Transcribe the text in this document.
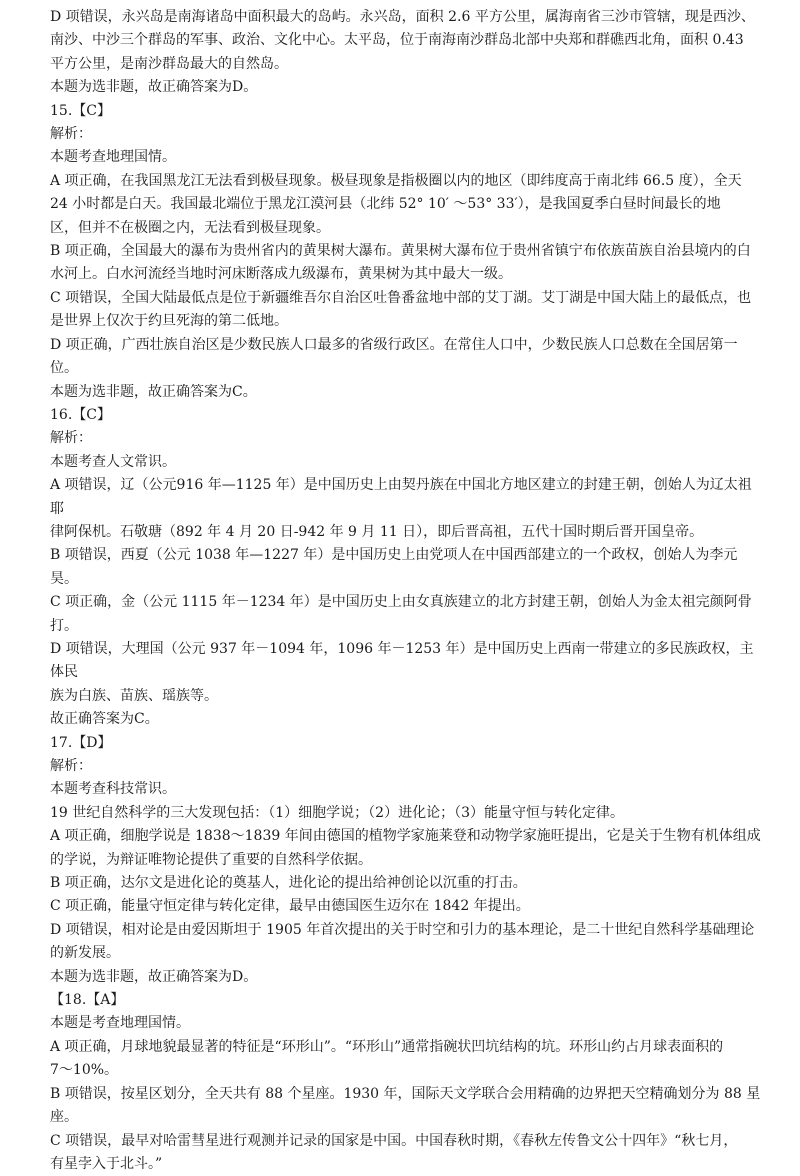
D 项错误，永兴岛是南海诸岛中面积最大的岛屿。永兴岛，面积 2.6 平方公里，属海南省三沙市管辖，现是西沙、

南沙、中沙三个群岛的军事、政治、文化中心。太平岛，位于南海南沙群岛北部中央郑和群礁西北角，面积 0.43

平方公里，是南沙群岛最大的自然岛。

本题为选非题，故正确答案为D。

15.【C】

解析：

本题考查地理国情。

A 项正确，在我国黑龙江无法看到极昼现象。极昼现象是指极圈以内的地区（即纬度高于南北纬 66.5 度），全天

24 小时都是白天。我国最北端位于黑龙江漠河县（北纬 52° 10′ ～53° 33′），是我国夏季白昼时间最长的地

区，但并不在极圈之内，无法看到极昼现象。

B 项正确，全国最大的瀑布为贵州省内的黄果树大瀑布。黄果树大瀑布位于贵州省镇宁布依族苗族自治县境内的白

水河上。白水河流经当地时河床断落成九级瀑布，黄果树为其中最大一级。

C 项错误，全国大陆最低点是位于新疆维吾尔自治区吐鲁番盆地中部的艾丁湖。艾丁湖是中国大陆上的最低点，也

是世界上仅次于约旦死海的第二低地。

D 项正确，广西壮族自治区是少数民族人口最多的省级行政区。在常住人口中，少数民族人口总数在全国居第一

位。

本题为选非题，故正确答案为C。

16.【C】

解析：

本题考查人文常识。

A 项错误，辽（公元916 年—1125 年）是中国历史上由契丹族在中国北方地区建立的封建王朝，创始人为辽太祖耶

律阿保机。石敬瑭（892 年 4 月 20 日-942 年 9 月 11 日），即后晋高祖，五代十国时期后晋开国皇帝。

B 项错误，西夏（公元 1038 年—1227 年）是中国历史上由党项人在中国西部建立的一个政权，创始人为李元昊。

C 项正确，金（公元 1115 年－1234 年）是中国历史上由女真族建立的北方封建王朝，创始人为金太祖完颜阿骨

打。

D 项错误，大理国（公元 937 年－1094 年，1096 年－1253 年）是中国历史上西南一带建立的多民族政权，主体民

族为白族、苗族、瑶族等。

故正确答案为C。

17.【D】

解析：

本题考查科技常识。

19 世纪自然科学的三大发现包括：（1）细胞学说；（2）进化论；（3）能量守恒与转化定律。

A 项正确，细胞学说是 1838～1839 年间由德国的植物学家施莱登和动物学家施旺提出，它是关于生物有机体组成

的学说，为辩证唯物论提供了重要的自然科学依据。

B 项正确，达尔文是进化论的奠基人，进化论的提出给神创论以沉重的打击。

C 项正确，能量守恒定律与转化定律，最早由德国医生迈尔在 1842 年提出。

D 项错误，相对论是由爱因斯坦于 1905 年首次提出的关于时空和引力的基本理论，是二十世纪自然科学基础理论

的新发展。

本题为选非题，故正确答案为D。

【18.【A】

本题是考查地理国情。

A 项正确，月球地貌最显著的特征是“环形山”。“环形山”通常指碗状凹坑结构的坑。环形山约占月球表面积的

7～10%。

B 项错误，按星区划分，全天共有 88 个星座。1930 年，国际天文学联合会用精确的边界把天空精确划分为 88 星

座。

C 项错误，最早对哈雷彗星进行观测并记录的国家是中国。中国春秋时期，《春秋左传鲁文公十四年》“秋七月，

有星孛入于北斗。”
